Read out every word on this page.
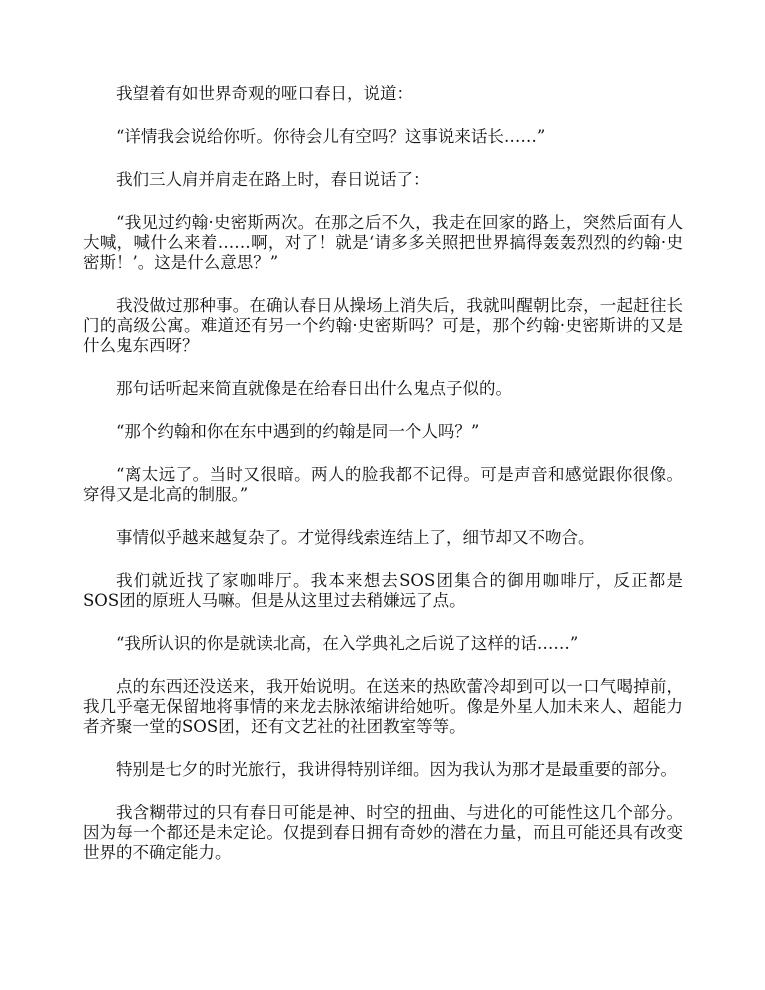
我望着有如世界奇观的哑口春日，说道：

“详情我会说给你听。你待会儿有空吗？这事说来话长……”

我们三人肩并肩走在路上时，春日说话了：

“我见过约翰·史密斯两次。在那之后不久，我走在回家的路上，突然后面有人大喊，喊什么来着……啊，对了！就是‘请多多关照把世界搞得轰轰烈烈的约翰·史密斯！’。这是什么意思？”

我没做过那种事。在确认春日从操场上消失后，我就叫醒朝比奈，一起赶往长门的高级公寓。难道还有另一个约翰·史密斯吗？可是，那个约翰·史密斯讲的又是什么鬼东西呀？

那句话听起来简直就像是在给春日出什么鬼点子似的。

“那个约翰和你在东中遇到的约翰是同一个人吗？”

“离太远了。当时又很暗。两人的脸我都不记得。可是声音和感觉跟你很像。穿得又是北高的制服。”

事情似乎越来越复杂了。才觉得线索连结上了，细节却又不吻合。

我们就近找了家咖啡厅。我本来想去SOS团集合的御用咖啡厅，反正都是SOS团的原班人马嘛。但是从这里过去稍嫌远了点。

“我所认识的你是就读北高，在入学典礼之后说了这样的话……”

点的东西还没送来，我开始说明。在送来的热欧蕾冷却到可以一口气喝掉前，我几乎毫无保留地将事情的来龙去脉浓缩讲给她听。像是外星人加未来人、超能力者齐聚一堂的SOS团，还有文艺社的社团教室等等。

特别是七夕的时光旅行，我讲得特别详细。因为我认为那才是最重要的部分。

我含糊带过的只有春日可能是神、时空的扭曲、与进化的可能性这几个部分。因为每一个都还是未定论。仅提到春日拥有奇妙的潜在力量，而且可能还具有改变世界的不确定能力。
